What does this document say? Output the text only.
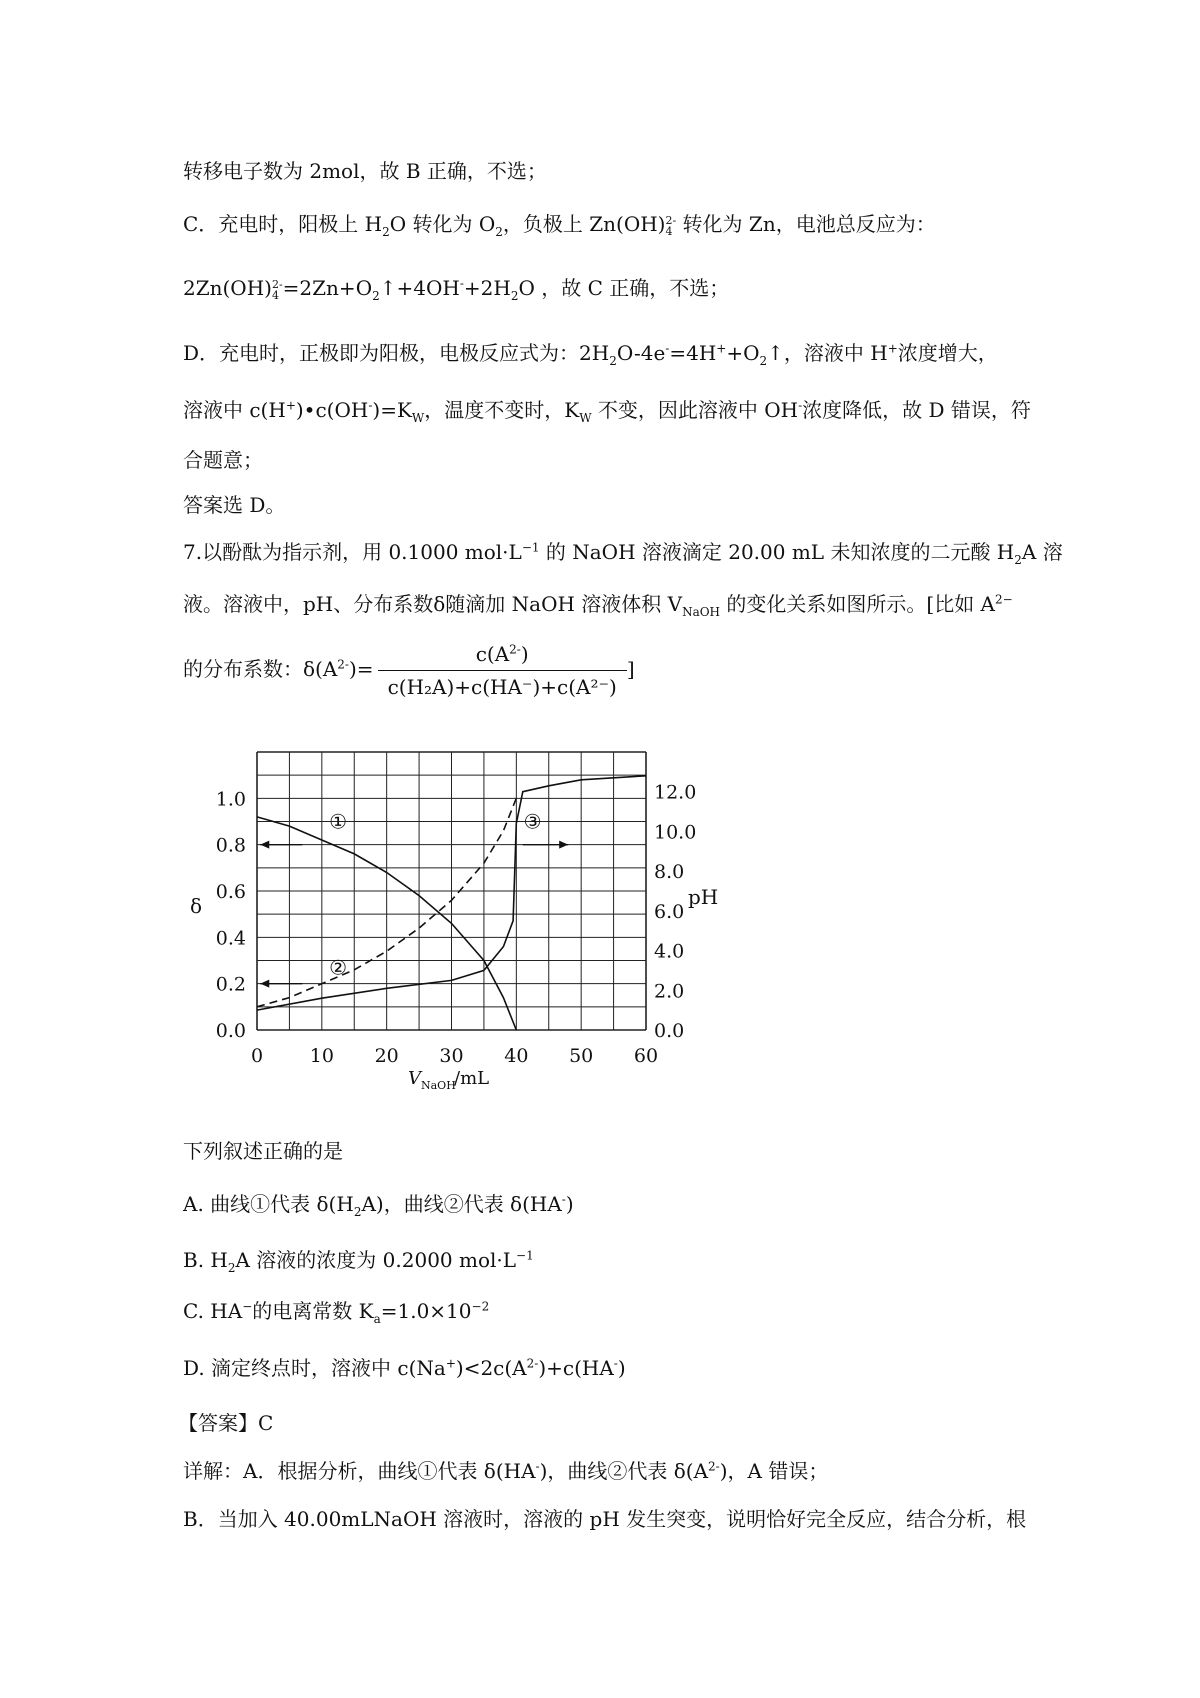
转移电子数为 2mol，故 B 正确，不选；
C．充电时，阳极上 $H_2O$ 转化为 $O_2$，负极上 Zn(OH) 2-
4 转化为 Zn，电池总反应为：
2Zn(OH) 2-
$4 =2Zn+O_2↑+4OH^-+2H_2O$ ，故 C 正确，不选；
D．充电时，正极即为阳极，电极反应式为：$2H_2O-4e^-=4H^++O_2↑$，溶液中 H+浓度增大，
溶液中 $c(H^+)•c(OH^-)=K_W$，温度不变时，$K_W$ 不变，因此溶液中 OH-浓度降低，故 D 错误，符
合题意；
答案选 D。
7.以酚酞为指示剂，用 0.1000 $mol\cdot L^{-1}$ 的 NaOH 溶液滴定 20.00 mL 未知浓度的二元酸 $H_2A$ 溶
液。溶液中，pH、分布系数δ随滴加 NaOH 溶液体积 $V_{NaOH}$ 的变化关系如图所示。[比如 $A^{2-}$
的分布系数：$\delta(A^{2-})= \frac{c(A^{2-})}{\text{c(H₂A)+c(HA⁻)+c(A²⁻)}}$ ]
0 10 20 30 40 50 60
0.0
0.2
0.4
0.6
0.8
1.0
0.0
2.0
4.0
6.0
8.0
10.0
12.0
①
②
③
δ	pH
V NaOH
/mL
下列叙述正确的是
A. 曲线①代表 $\delta(H_2A)$，曲线②代表 δ(HA-)
B. $H_2A$ 溶液的浓度为 0.2000 $mol\cdot L^{-1}$
C. HA−的电离常数 $K_a=1.0\times 10^{-2}$
D. 滴定终点时，溶液中 $c(Na^+)<2c(A^{2-})+c(HA^-)$
【答案】C
详解：A．根据分析，曲线①代表 δ(HA-)，曲线②代表 $\delta(A^{2-})$，A 错误；
B．当加入 40.00mLNaOH 溶液时，溶液的 pH 发生突变，说明恰好完全反应，结合分析，根
